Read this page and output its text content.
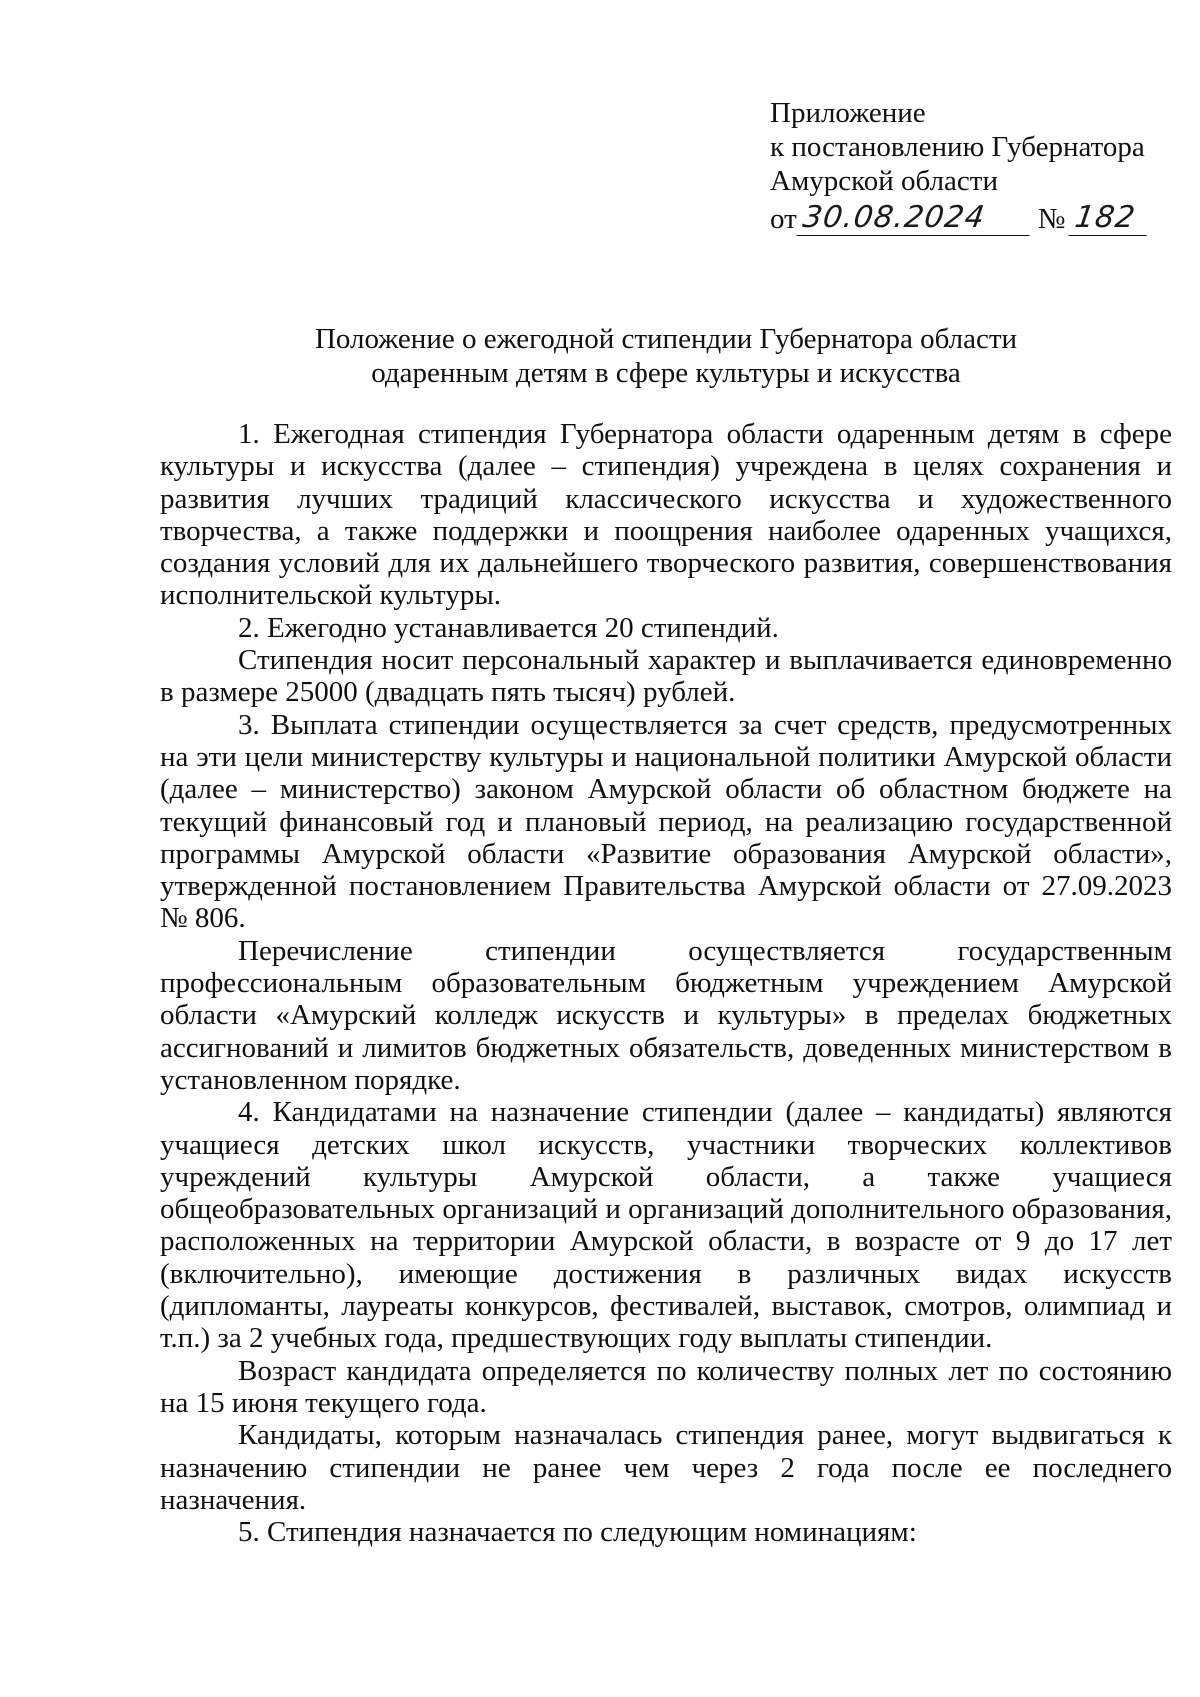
Приложение
к постановлению Губернатора
Амурской области
от 30.08.2024	№ 182
Положение о ежегодной стипендии Губернатора области
одаренным детям в сфере культуры и искусства

1. Ежегодная стипендия Губернатора области одаренным детям в сфере культуры и искусства (далее – стипендия) учреждена в целях сохранения и развития лучших традиций классического искусства и художественного творчества, а также поддержки и поощрения наиболее одаренных учащихся, создания условий для их дальнейшего творческого развития, совершенствования исполнительской культуры.

2. Ежегодно устанавливается 20 стипендий.

Стипендия носит персональный характер и выплачивается единовременно в размере 25000 (двадцать пять тысяч) рублей.

3. Выплата стипендии осуществляется за счет средств, предусмотренных на эти цели министерству культуры и национальной политики Амурской области (далее – министерство) законом Амурской области об областном бюджете на текущий финансовый год и плановый период, на реализацию государственной программы Амурской области «Развитие образования Амурской области», утвержденной постановлением Правительства Амурской области от 27.09.2023 № 806.

Перечисление стипендии осуществляется государственным профессиональным образовательным бюджетным учреждением Амурской области «Амурский колледж искусств и культуры» в пределах бюджетных ассигнований и лимитов бюджетных обязательств, доведенных министерством в установленном порядке.

4. Кандидатами на назначение стипендии (далее – кандидаты) являются учащиеся детских школ искусств, участники творческих коллективов учреждений культуры Амурской области, а также учащиеся общеобразовательных организаций и организаций дополнительного образования, расположенных на территории Амурской области, в возрасте от 9 до 17 лет (включительно), имеющие достижения в различных видах искусств (дипломанты, лауреаты конкурсов, фестивалей, выставок, смотров, олимпиад и т.п.) за 2 учебных года, предшествующих году выплаты стипендии.

Возраст кандидата определяется по количеству полных лет по состоянию на 15 июня текущего года.

Кандидаты, которым назначалась стипендия ранее, могут выдвигаться к назначению стипендии не ранее чем через 2 года после ее последнего назначения.

5. Стипендия назначается по следующим номинациям:
